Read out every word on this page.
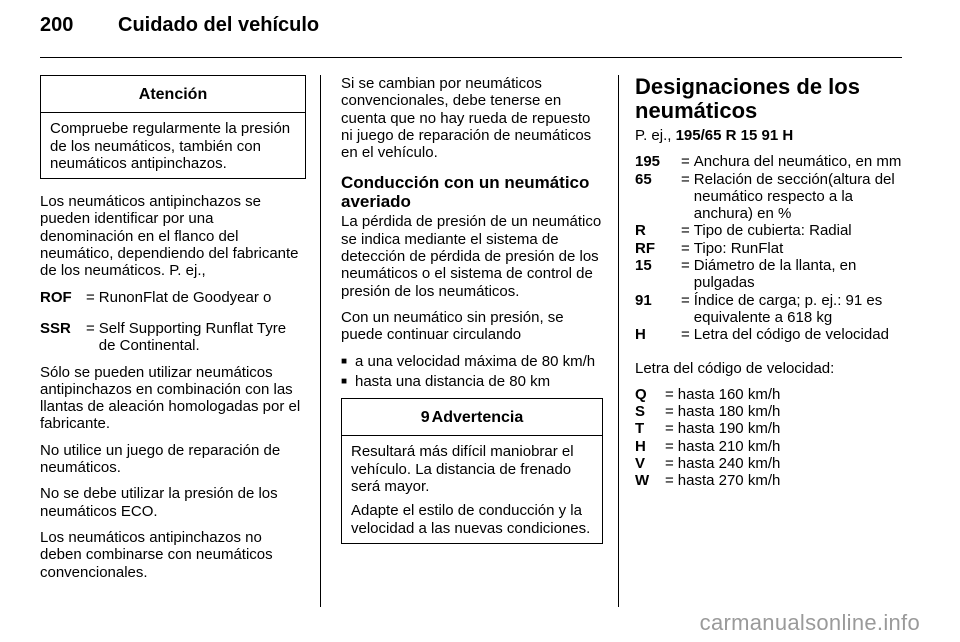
200 Cuidado del vehículo
Atención

Compruebe regularmente la presión de los neumáticos, también con neumáticos antipinchazos.

Los neumáticos antipinchazos se pueden identificar por una denominación en el flanco del neumático, dependiendo del fabricante de los neumáticos. P. ej.,

ROF = RunonFlat de Goodyear o
SSR	= Self Supporting Runflat Tyre de Continental.

Sólo se pueden utilizar neumáticos antipinchazos en combinación con las llantas de aleación homologadas por el fabricante.

No utilice un juego de reparación de neumáticos.

No se debe utilizar la presión de los neumáticos ECO.

Los neumáticos antipinchazos no deben combinarse con neumáticos convencionales.

Si se cambian por neumáticos convencionales, debe tenerse en cuenta que no hay rueda de repuesto ni juego de reparación de neumáticos en el vehículo.

Conducción con un neumático averiado

La pérdida de presión de un neumático se indica mediante el sistema de detección de pérdida de presión de los neumáticos o el sistema de control de presión de los neumáticos.

Con un neumático sin presión, se puede continuar circulando

■ a una velocidad máxima de 80 km/h
■ hasta una distancia de 80 km
9 Advertencia

Resultará más difícil maniobrar el vehículo. La distancia de frenado será mayor.

Adapte el estilo de conducción y la velocidad a las nuevas condiciones.

Designaciones de los neumáticos

P. ej., 195/65 R 15 91 H

195	= Anchura del neumático, en mm
65	= Relación de sección(altura del neumático respecto a la anchura) en %
R	= Tipo de cubierta: Radial
RF	= Tipo: RunFlat
15	= Diámetro de la llanta, en pulgadas
91	= Índice de carga; p. ej.: 91 es equivalente a 618 kg
H	= Letra del código de velocidad

Letra del código de velocidad:

Q	= hasta 160 km/h
S	= hasta 180 km/h
T	= hasta 190 km/h
H	= hasta 210 km/h
V	= hasta 240 km/h
W	= hasta 270 km/h
carmanualsonline.info
